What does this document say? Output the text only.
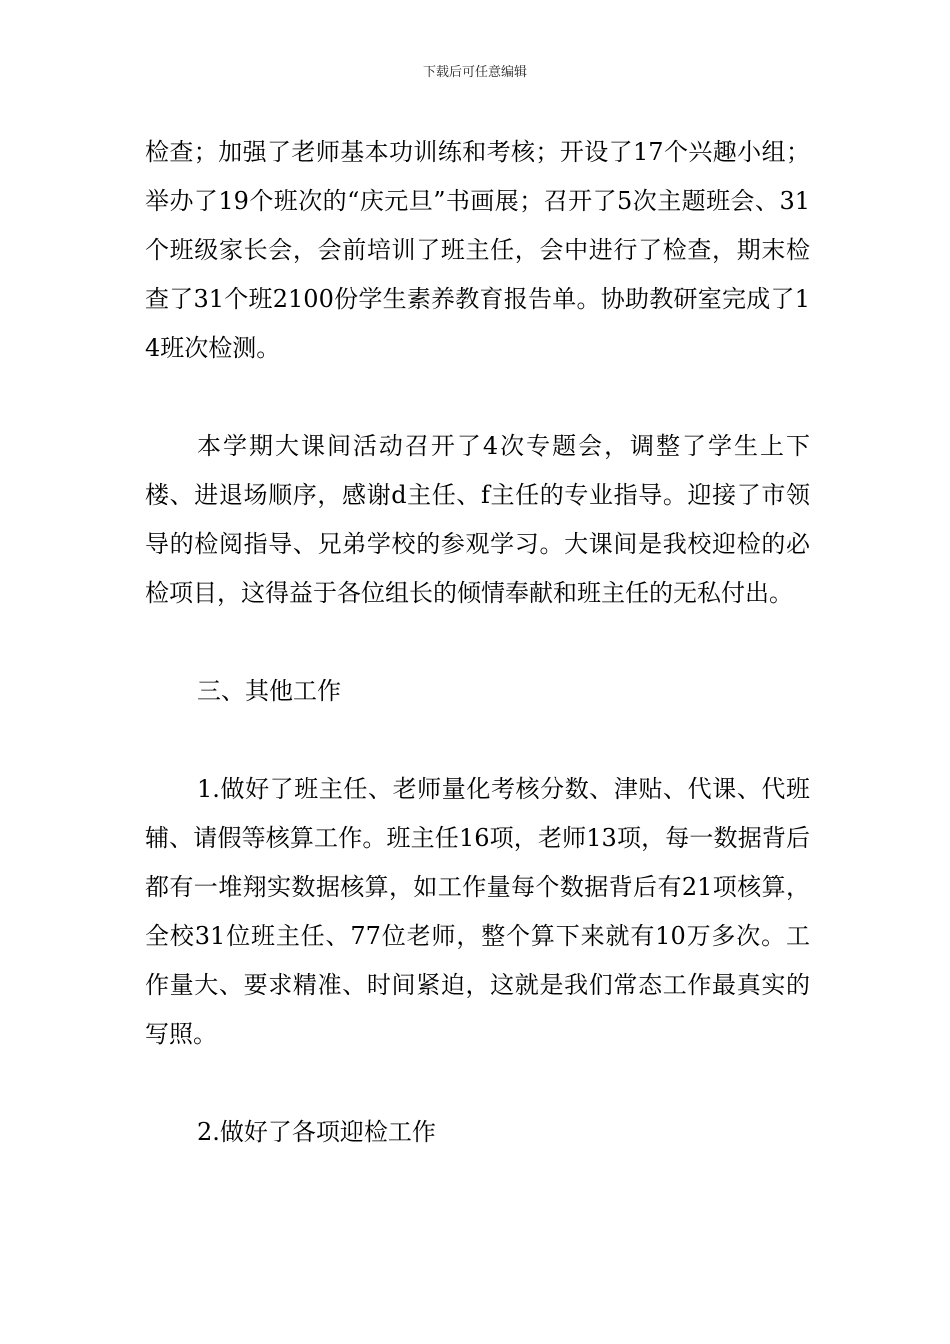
下载后可任意编辑

检查；加强了老师基本功训练和考核；开设了17个兴趣小组；举办了19个班次的“庆元旦”书画展；召开了5次主题班会、31个班级家长会，会前培训了班主任，会中进行了检查，期末检查了31个班2100份学生素养教育报告单。协助教研室完成了14班次检测。

本学期大课间活动召开了4次专题会，调整了学生上下楼、进退场顺序，感谢d主任、f主任的专业指导。迎接了市领导的检阅指导、兄弟学校的参观学习。大课间是我校迎检的必检项目，这得益于各位组长的倾情奉献和班主任的无私付出。

三、其他工作

1.做好了班主任、老师量化考核分数、津贴、代课、代班辅、请假等核算工作。班主任16项，老师13项，每一数据背后都有一堆翔实数据核算，如工作量每个数据背后有21项核算，全校31位班主任、77位老师，整个算下来就有10万多次。工作量大、要求精准、时间紧迫，这就是我们常态工作最真实的写照。

2.做好了各项迎检工作
